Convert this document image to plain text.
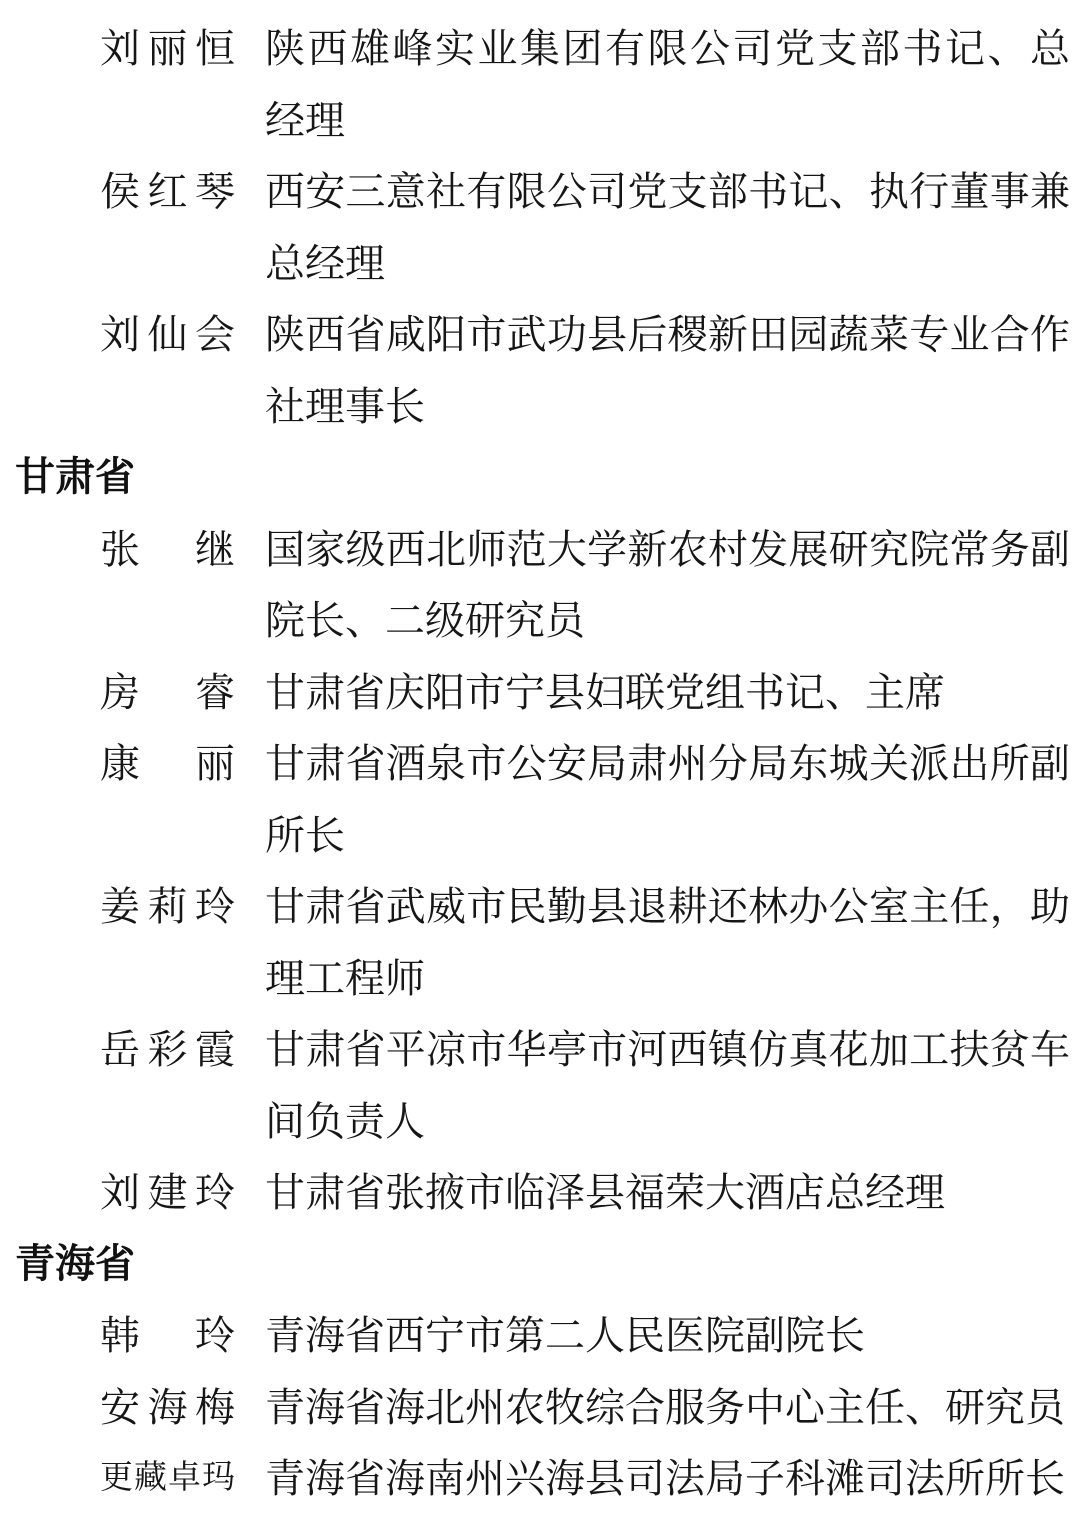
刘丽恒 陕西雄峰实业集团有限公司党支部书记、总
经理
侯红琴 西安三意社有限公司党支部书记、执行董事兼
总经理
刘仙会 陕西省咸阳市武功县后稷新田园蔬菜专业合作
社理事长
甘肃省
张继 国家级西北师范大学新农村发展研究院常务副
院长、二级研究员
房睿 甘肃省庆阳市宁县妇联党组书记、主席
康丽 甘肃省酒泉市公安局肃州分局东城关派出所副
所长
姜莉玲 甘肃省武威市民勤县退耕还林办公室主任，助
理工程师
岳彩霞 甘肃省平凉市华亭市河西镇仿真花加工扶贫车
间负责人
刘建玲 甘肃省张掖市临泽县福荣大酒店总经理
青海省
韩玲 青海省西宁市第二人民医院副院长
安海梅 青海省海北州农牧综合服务中心主任、研究员
更藏卓玛 青海省海南州兴海县司法局子科滩司法所所长
